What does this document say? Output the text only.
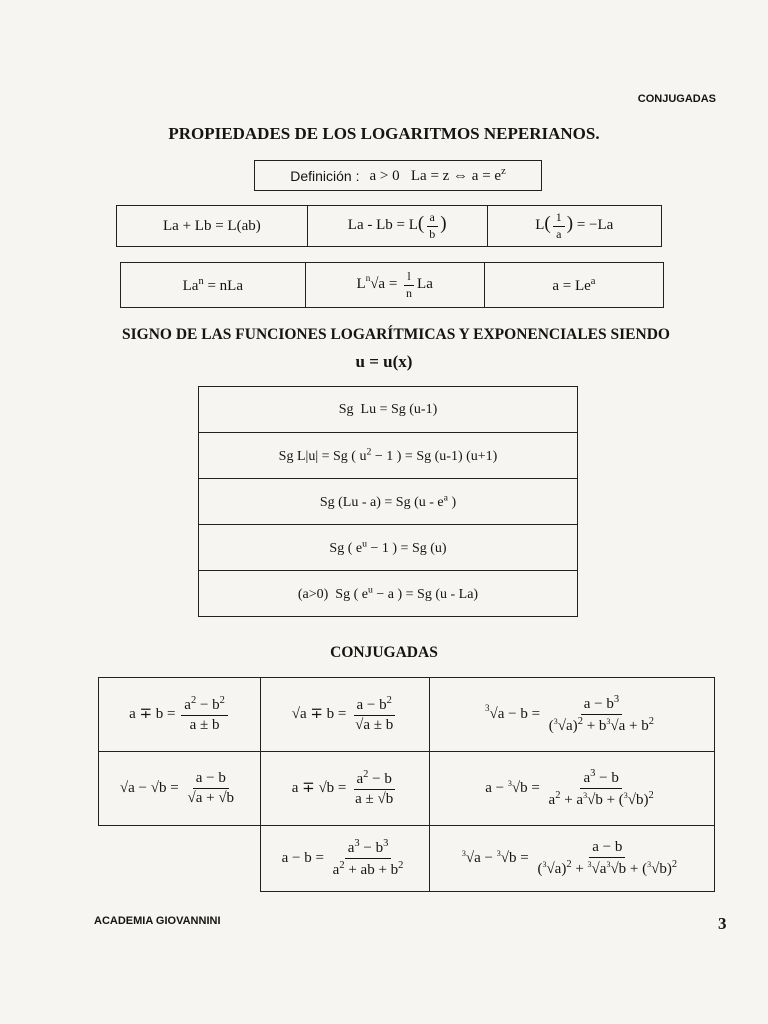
CONJUGADAS
PROPIEDADES DE LOS LOGARITMOS NEPERIANOS.
Definición : a > 0   La = z ⇔ $a = e^z$
La + Lb = L(ab)	$La - Lb = L( \frac{a}{b}$ )	$L( \frac{1}{a}$ ) = −La
$La^n$ = nLa	$L^n√a = \frac{l}{n}$ La	$a = Le^a$
SIGNO DE LAS FUNCIONES LOGARÍTMICAS Y EXPONENCIALES SIENDO
u = u(x)
Sg  Lu = Sg (u-1)
Sg L|u| = Sg ( $u^2 - 1$ ) = Sg (u-1) (u+1)
Sg (Lu - a) = Sg ($u - e^a$ )
Sg ( $e^u - 1$ ) = Sg (u)
(a>0)  Sg ( $e^u - a$ ) = Sg (u - La)
CONJUGADAS
$a \mp b = \frac{a^2 - b^2}{a \pm b}$	$√a \mp b = \frac{a - b^2}{√a \pm b}$	$^3√a - b = \frac{a - b^3}{(^3√a)^2 + b^3√a + b^2}$

$√a - √b = \frac{a - b}{√a + √b}$	$a \mp √b = \frac{a^2 - b}{a \pm √b}$	$a - ^3√b = \frac{a^3 - b}{a^2 + a^3√b + (^3√b)^2}$

	$a - b = \frac{a^3 - b^3}{a^2 + ab + b^2}$	$^3√a - ^3√b = \frac{a - b}{(^3√a)^2 + ^3√a^3√b + (^3√b)^2}$
ACADEMIA GIOVANNINI	3
